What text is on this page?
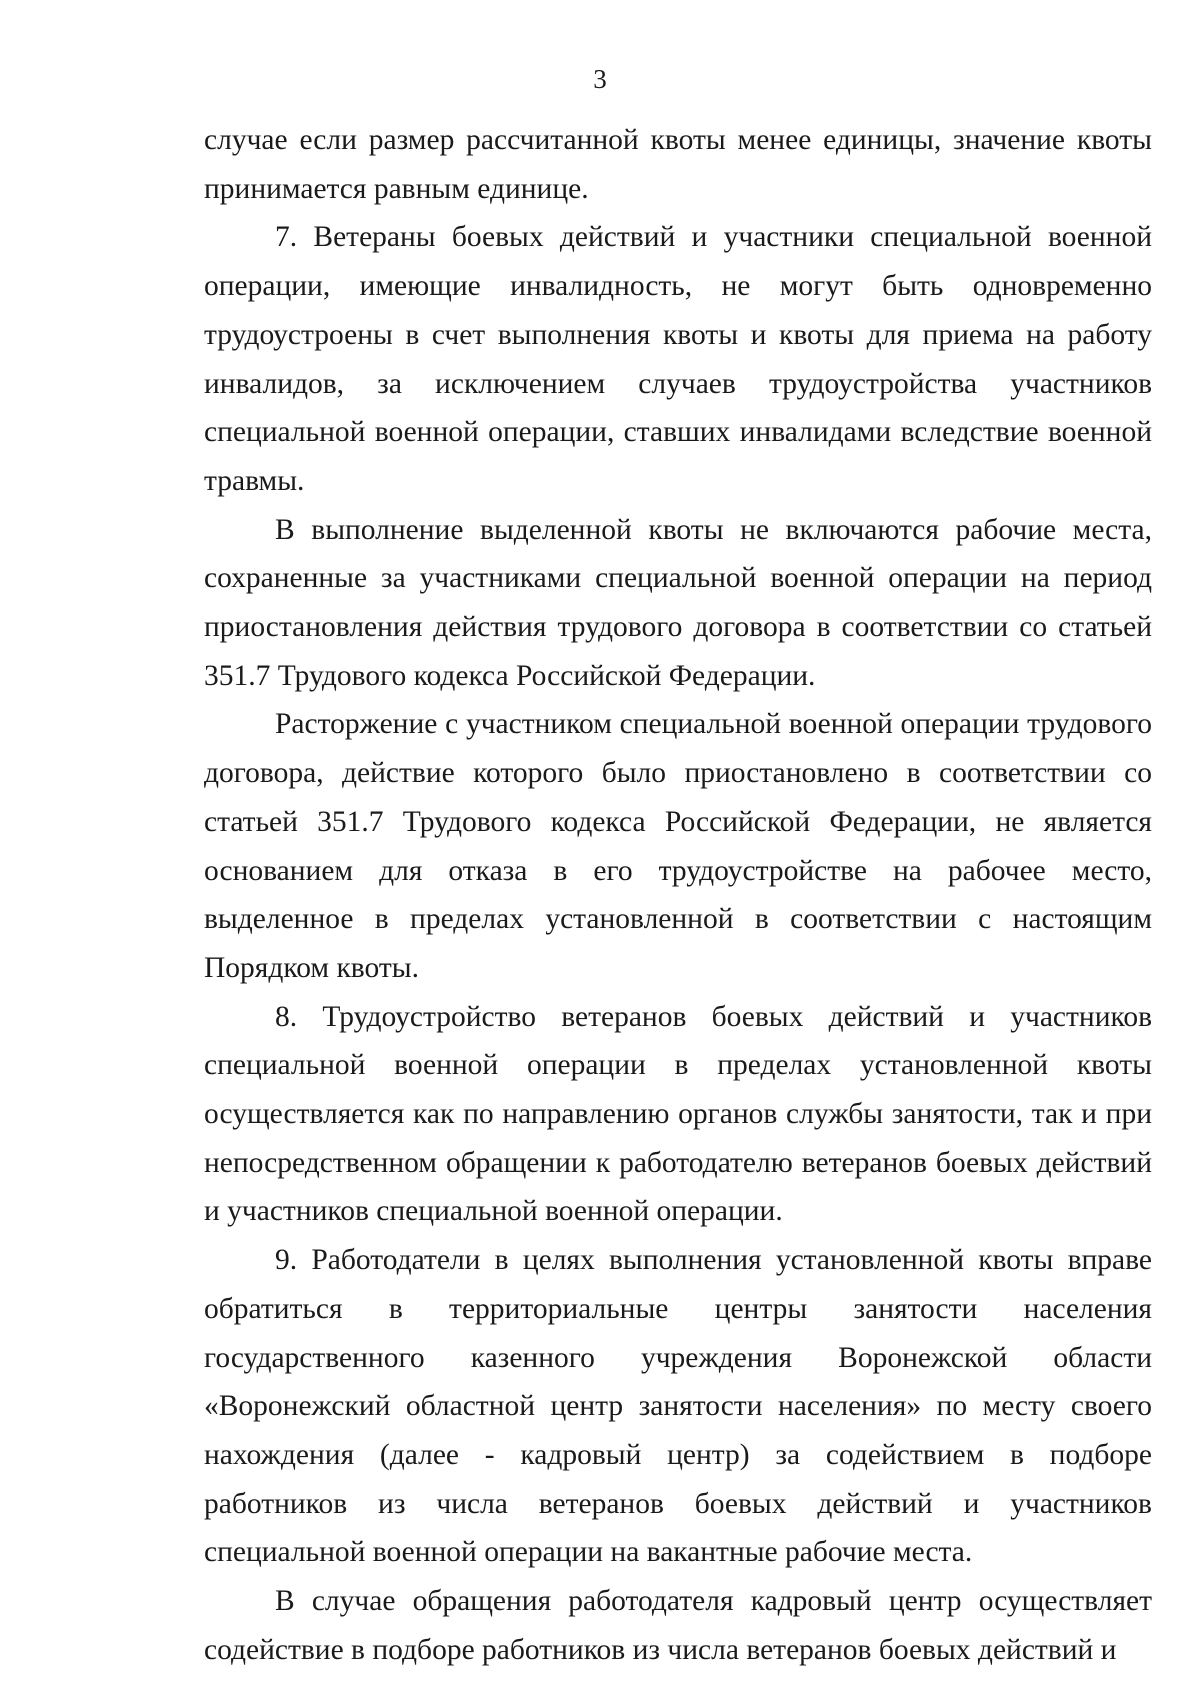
3

случае если размер рассчитанной квоты менее единицы, значение квоты принимается равным единице.

7. Ветераны боевых действий и участники специальной военной операции, имеющие инвалидность, не могут быть одновременно трудоустроены в счет выполнения квоты и квоты для приема на работу инвалидов, за исключением случаев трудоустройства участников специальной военной операции, ставших инвалидами вследствие военной травмы.

В выполнение выделенной квоты не включаются рабочие места, сохраненные за участниками специальной военной операции на период приостановления действия трудового договора в соответствии со статьей 351.7 Трудового кодекса Российской Федерации.

Расторжение с участником специальной военной операции трудового договора, действие которого было приостановлено в соответствии со статьей 351.7 Трудового кодекса Российской Федерации, не является основанием для отказа в его трудоустройстве на рабочее место, выделенное в пределах установленной в соответствии с настоящим Порядком квоты.

8. Трудоустройство ветеранов боевых действий и участников специальной военной операции в пределах установленной квоты осуществляется как по направлению органов службы занятости, так и при непосредственном обращении к работодателю ветеранов боевых действий и участников специальной военной операции.

9. Работодатели в целях выполнения установленной квоты вправе обратиться в территориальные центры занятости населения государственного казенного учреждения Воронежской области «Воронежский областной центр занятости населения» по месту своего нахождения (далее - кадровый центр) за содействием в подборе работников из числа ветеранов боевых действий и участников специальной военной операции на вакантные рабочие места.

В случае обращения работодателя кадровый центр осуществляет содействие в подборе работников из числа ветеранов боевых действий и
